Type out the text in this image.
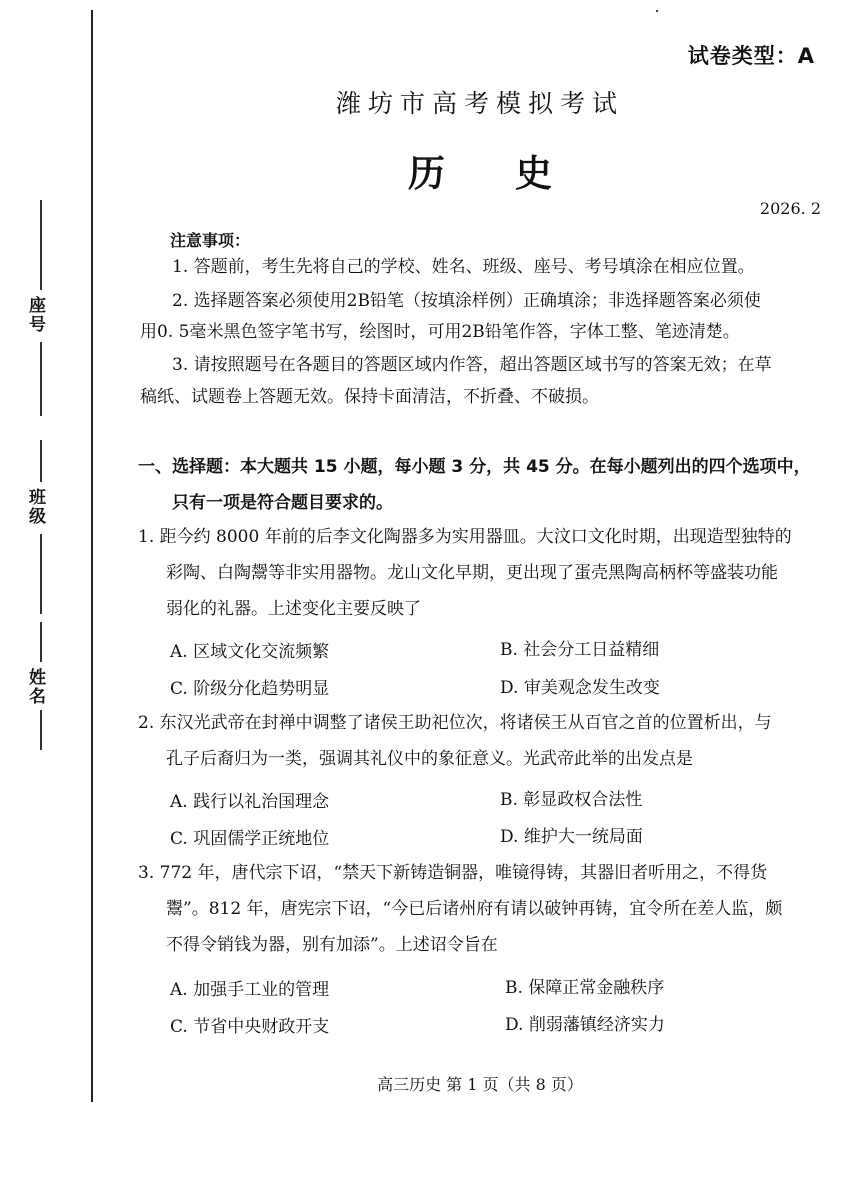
座号
班级
姓名
试卷类型：A
潍坊市高考模拟考试
历史
2026. 2
注意事项：
1. 答题前，考生先将自己的学校、姓名、班级、座号、考号填涂在相应位置。
2. 选择题答案必须使用2B铅笔（按填涂样例）正确填涂；非选择题答案必须使
用0. 5毫米黑色签字笔书写，绘图时，可用2B铅笔作答，字体工整、笔迹清楚。
3. 请按照题号在各题目的答题区域内作答，超出答题区域书写的答案无效；在草
稿纸、试题卷上答题无效。保持卡面清洁，不折叠、不破损。
一、选择题：本大题共 15 小题，每小题 3 分，共 45 分。在每小题列出的四个选项中，
只有一项是符合题目要求的。
1. 距今约 8000 年前的后李文化陶器多为实用器皿。大汶口文化时期，出现造型独特的
彩陶、白陶鬶等非实用器物。龙山文化早期，更出现了蛋壳黑陶高柄杯等盛装功能
弱化的礼器。上述变化主要反映了
A. 区域文化交流频繁	B. 社会分工日益精细
C. 阶级分化趋势明显	D. 审美观念发生改变
2. 东汉光武帝在封禅中调整了诸侯王助祀位次，将诸侯王从百官之首的位置析出，与
孔子后裔归为一类，强调其礼仪中的象征意义。光武帝此举的出发点是
A. 践行以礼治国理念	B. 彰显政权合法性
C. 巩固儒学正统地位	D. 维护大一统局面
3. 772 年，唐代宗下诏，“禁天下新铸造铜器，唯镜得铸，其器旧者听用之，不得货
鬻”。812 年，唐宪宗下诏，“今已后诸州府有请以破钟再铸，宜令所在差人监，颇
不得令销钱为器，别有加添”。上述诏令旨在
A. 加强手工业的管理	B. 保障正常金融秩序
C. 节省中央财政开支	D. 削弱藩镇经济实力
高三历史 第 1 页（共 8 页）
